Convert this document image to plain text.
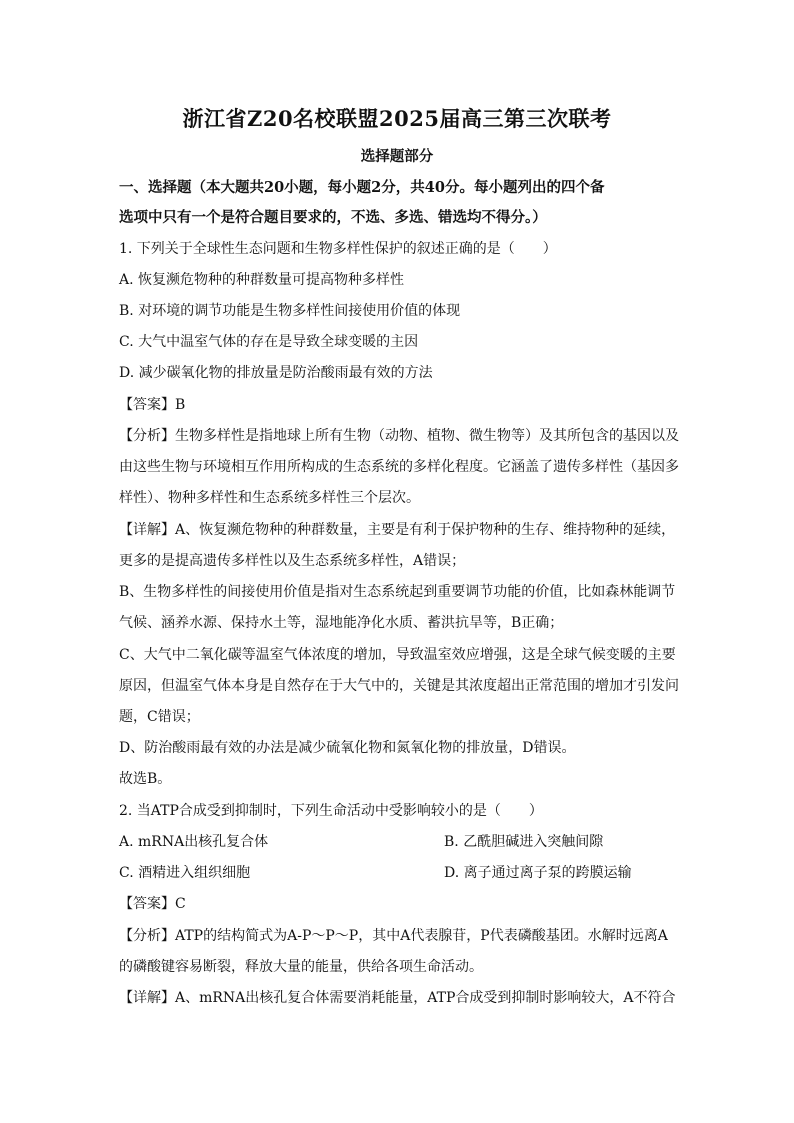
浙江省Z20名校联盟2025届高三第三次联考
选择题部分
一、选择题（本大题共20小题，每小题2分，共40分。每小题列出的四个备
选项中只有一个是符合题目要求的，不选、多选、错选均不得分。）
1. 下列关于全球性生态问题和生物多样性保护的叙述正确的是（　　）
A. 恢复濒危物种的种群数量可提高物种多样性
B. 对环境的调节功能是生物多样性间接使用价值的体现
C. 大气中温室气体的存在是导致全球变暖的主因
D. 减少碳氧化物的排放量是防治酸雨最有效的方法
【答案】B
【分析】生物多样性是指地球上所有生物（动物、植物、微生物等）及其所包含的基因以及
由这些生物与环境相互作用所构成的生态系统的多样化程度。它涵盖了遗传多样性（基因多
样性）、物种多样性和生态系统多样性三个层次。
【详解】A、恢复濒危物种的种群数量，主要是有利于保护物种的生存、维持物种的延续，
更多的是提高遗传多样性以及生态系统多样性，A错误；
B、生物多样性的间接使用价值是指对生态系统起到重要调节功能的价值，比如森林能调节
气候、涵养水源、保持水土等，湿地能净化水质、蓄洪抗旱等，B正确；
C、大气中二氧化碳等温室气体浓度的增加，导致温室效应增强，这是全球气候变暖的主要
原因，但温室气体本身是自然存在于大气中的，关键是其浓度超出正常范围的增加才引发问
题，C错误；
D、防治酸雨最有效的办法是减少硫氧化物和氮氧化物的排放量，D错误。
故选B。
2. 当ATP合成受到抑制时，下列生命活动中受影响较小的是（　　）
A. mRNA出核孔复合体	B. 乙酰胆碱进入突触间隙
C. 酒精进入组织细胞	D. 离子通过离子泵的跨膜运输
【答案】C
【分析】ATP的结构简式为A-P～P～P，其中A代表腺苷，P代表磷酸基团。水解时远离A
的磷酸键容易断裂，释放大量的能量，供给各项生命活动。
【详解】A、mRNA出核孔复合体需要消耗能量，ATP合成受到抑制时影响较大，A不符合
